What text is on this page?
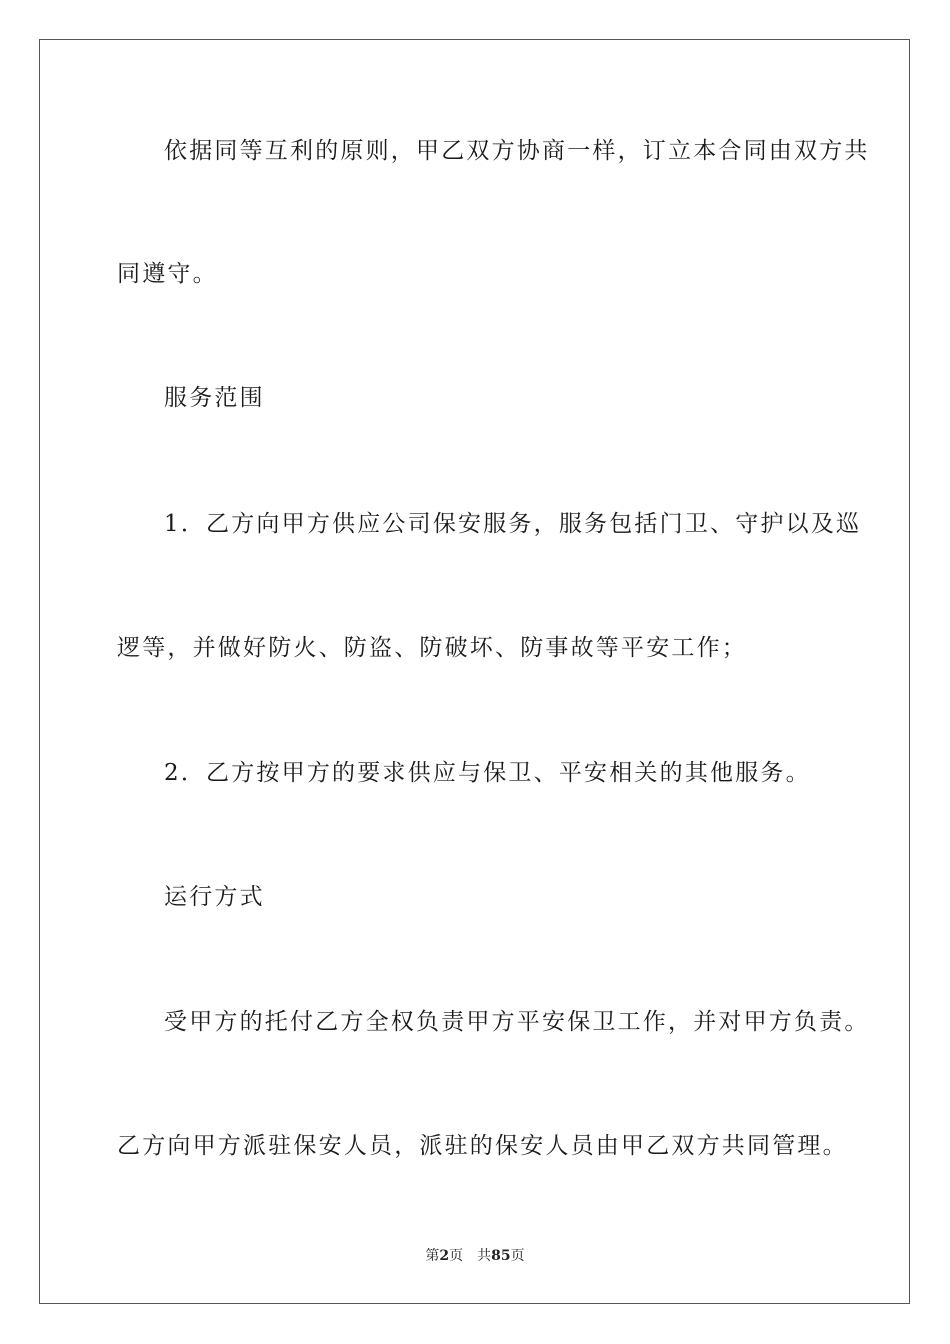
依据同等互利的原则，甲乙双方协商一样，订立本合同由双方共
同遵守。
服务范围
1．乙方向甲方供应公司保安服务，服务包括门卫、守护以及巡
逻等，并做好防火、防盗、防破坏、防事故等平安工作；
2．乙方按甲方的要求供应与保卫、平安相关的其他服务。
运行方式
受甲方的托付乙方全权负责甲方平安保卫工作，并对甲方负责。
乙方向甲方派驻保安人员，派驻的保安人员由甲乙双方共同管理。
第2页 共85页
